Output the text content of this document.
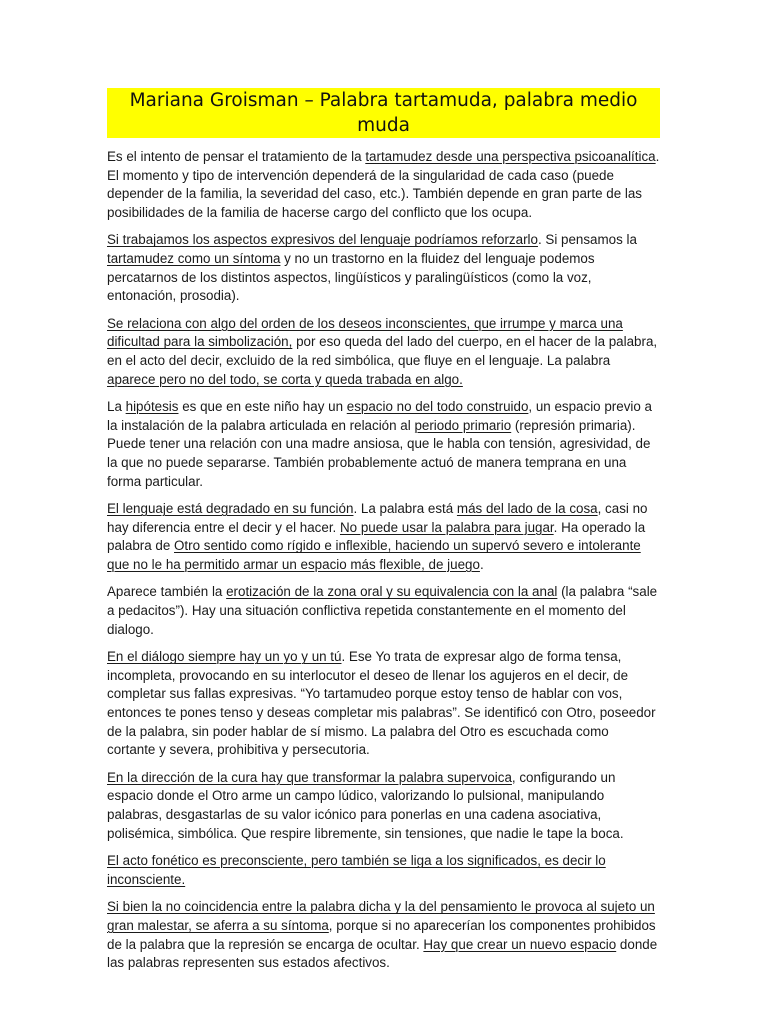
Mariana Groisman – Palabra tartamuda, palabra medio muda

Es el intento de pensar el tratamiento de la tartamudez desde una perspectiva psicoanalítica. El momento y tipo de intervención dependerá de la singularidad de cada caso (puede depender de la familia, la severidad del caso, etc.). También depende en gran parte de las posibilidades de la familia de hacerse cargo del conflicto que los ocupa.

Si trabajamos los aspectos expresivos del lenguaje podríamos reforzarlo. Si pensamos la tartamudez como un síntoma y no un trastorno en la fluidez del lenguaje podemos percatarnos de los distintos aspectos, lingüísticos y paralingüísticos (como la voz, entonación, prosodia).

Se relaciona con algo del orden de los deseos inconscientes, que irrumpe y marca una dificultad para la simbolización, por eso queda del lado del cuerpo, en el hacer de la palabra, en el acto del decir, excluido de la red simbólica, que fluye en el lenguaje. La palabra aparece pero no del todo, se corta y queda trabada en algo.

La hipótesis es que en este niño hay un espacio no del todo construido, un espacio previo a la instalación de la palabra articulada en relación al periodo primario (represión primaria). Puede tener una relación con una madre ansiosa, que le habla con tensión, agresividad, de la que no puede separarse. También probablemente actuó de manera temprana en una forma particular.

El lenguaje está degradado en su función. La palabra está más del lado de la cosa, casi no hay diferencia entre el decir y el hacer. No puede usar la palabra para jugar. Ha operado la palabra de Otro sentido como rígido e inflexible, haciendo un supervó severo e intolerante que no le ha permitido armar un espacio más flexible, de juego.

Aparece también la erotización de la zona oral y su equivalencia con la anal (la palabra “sale a pedacitos”). Hay una situación conflictiva repetida constantemente en el momento del dialogo.

En el diálogo siempre hay un yo y un tú. Ese Yo trata de expresar algo de forma tensa, incompleta, provocando en su interlocutor el deseo de llenar los agujeros en el decir, de completar sus fallas expresivas. “Yo tartamudeo porque estoy tenso de hablar con vos, entonces te pones tenso y deseas completar mis palabras”. Se identificó con Otro, poseedor de la palabra, sin poder hablar de sí mismo. La palabra del Otro es escuchada como cortante y severa, prohibitiva y persecutoria.

En la dirección de la cura hay que transformar la palabra supervoica, configurando un espacio donde el Otro arme un campo lúdico, valorizando lo pulsional, manipulando palabras, desgastarlas de su valor icónico para ponerlas en una cadena asociativa, polisémica, simbólica. Que respire libremente, sin tensiones, que nadie le tape la boca.

El acto fonético es preconsciente, pero también se liga a los significados, es decir lo inconsciente.

Si bien la no coincidencia entre la palabra dicha y la del pensamiento le provoca al sujeto un gran malestar, se aferra a su síntoma, porque si no aparecerían los componentes prohibidos de la palabra que la represión se encarga de ocultar. Hay que crear un nuevo espacio donde las palabras representen sus estados afectivos.
